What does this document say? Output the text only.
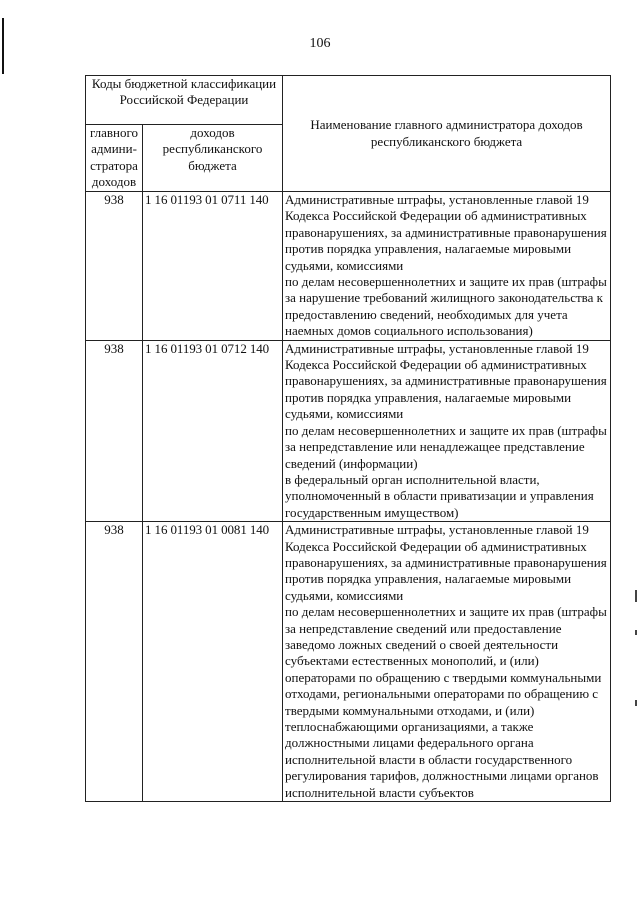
106
Коды бюджетной классификации Российской Федерации		Наименование главного администратора доходов республиканского бюджета
главного админи-стратора доходов	доходов республиканского бюджета	
938	1 16 01193 01 0711 140	Административные штрафы, установленные главой 19 Кодекса Российской Федерации об административных правонарушениях, за административные правонарушения против порядка управления, налагаемые мировыми судьями, комиссиями
по делам несовершеннолетних и защите их прав (штрафы за нарушение требований жилищного законодательства к предоставлению сведений, необходимых для учета наемных домов социального использования)
938	1 16 01193 01 0712 140	Административные штрафы, установленные главой 19 Кодекса Российской Федерации об административных правонарушениях, за административные правонарушения против порядка управления, налагаемые мировыми судьями, комиссиями
по делам несовершеннолетних и защите их прав (штрафы за непредставление или ненадлежащее представление сведений (информации)
в федеральный орган исполнительной власти, уполномоченный в области приватизации и управления государственным имуществом)
938	1 16 01193 01 0081 140	Административные штрафы, установленные главой 19 Кодекса Российской Федерации об административных правонарушениях, за административные правонарушения против порядка управления, налагаемые мировыми судьями, комиссиями
по делам несовершеннолетних и защите их прав (штрафы за непредставление сведений или предоставление заведомо ложных сведений о своей деятельности субъектами естественных монополий, и (или) операторами по обращению с твердыми коммунальными отходами, региональными операторами по обращению с твердыми коммунальными отходами, и (или) теплоснабжающими организациями, а также должностными лицами федерального органа исполнительной власти в области государственного регулирования тарифов, должностными лицами органов исполнительной власти субъектов
